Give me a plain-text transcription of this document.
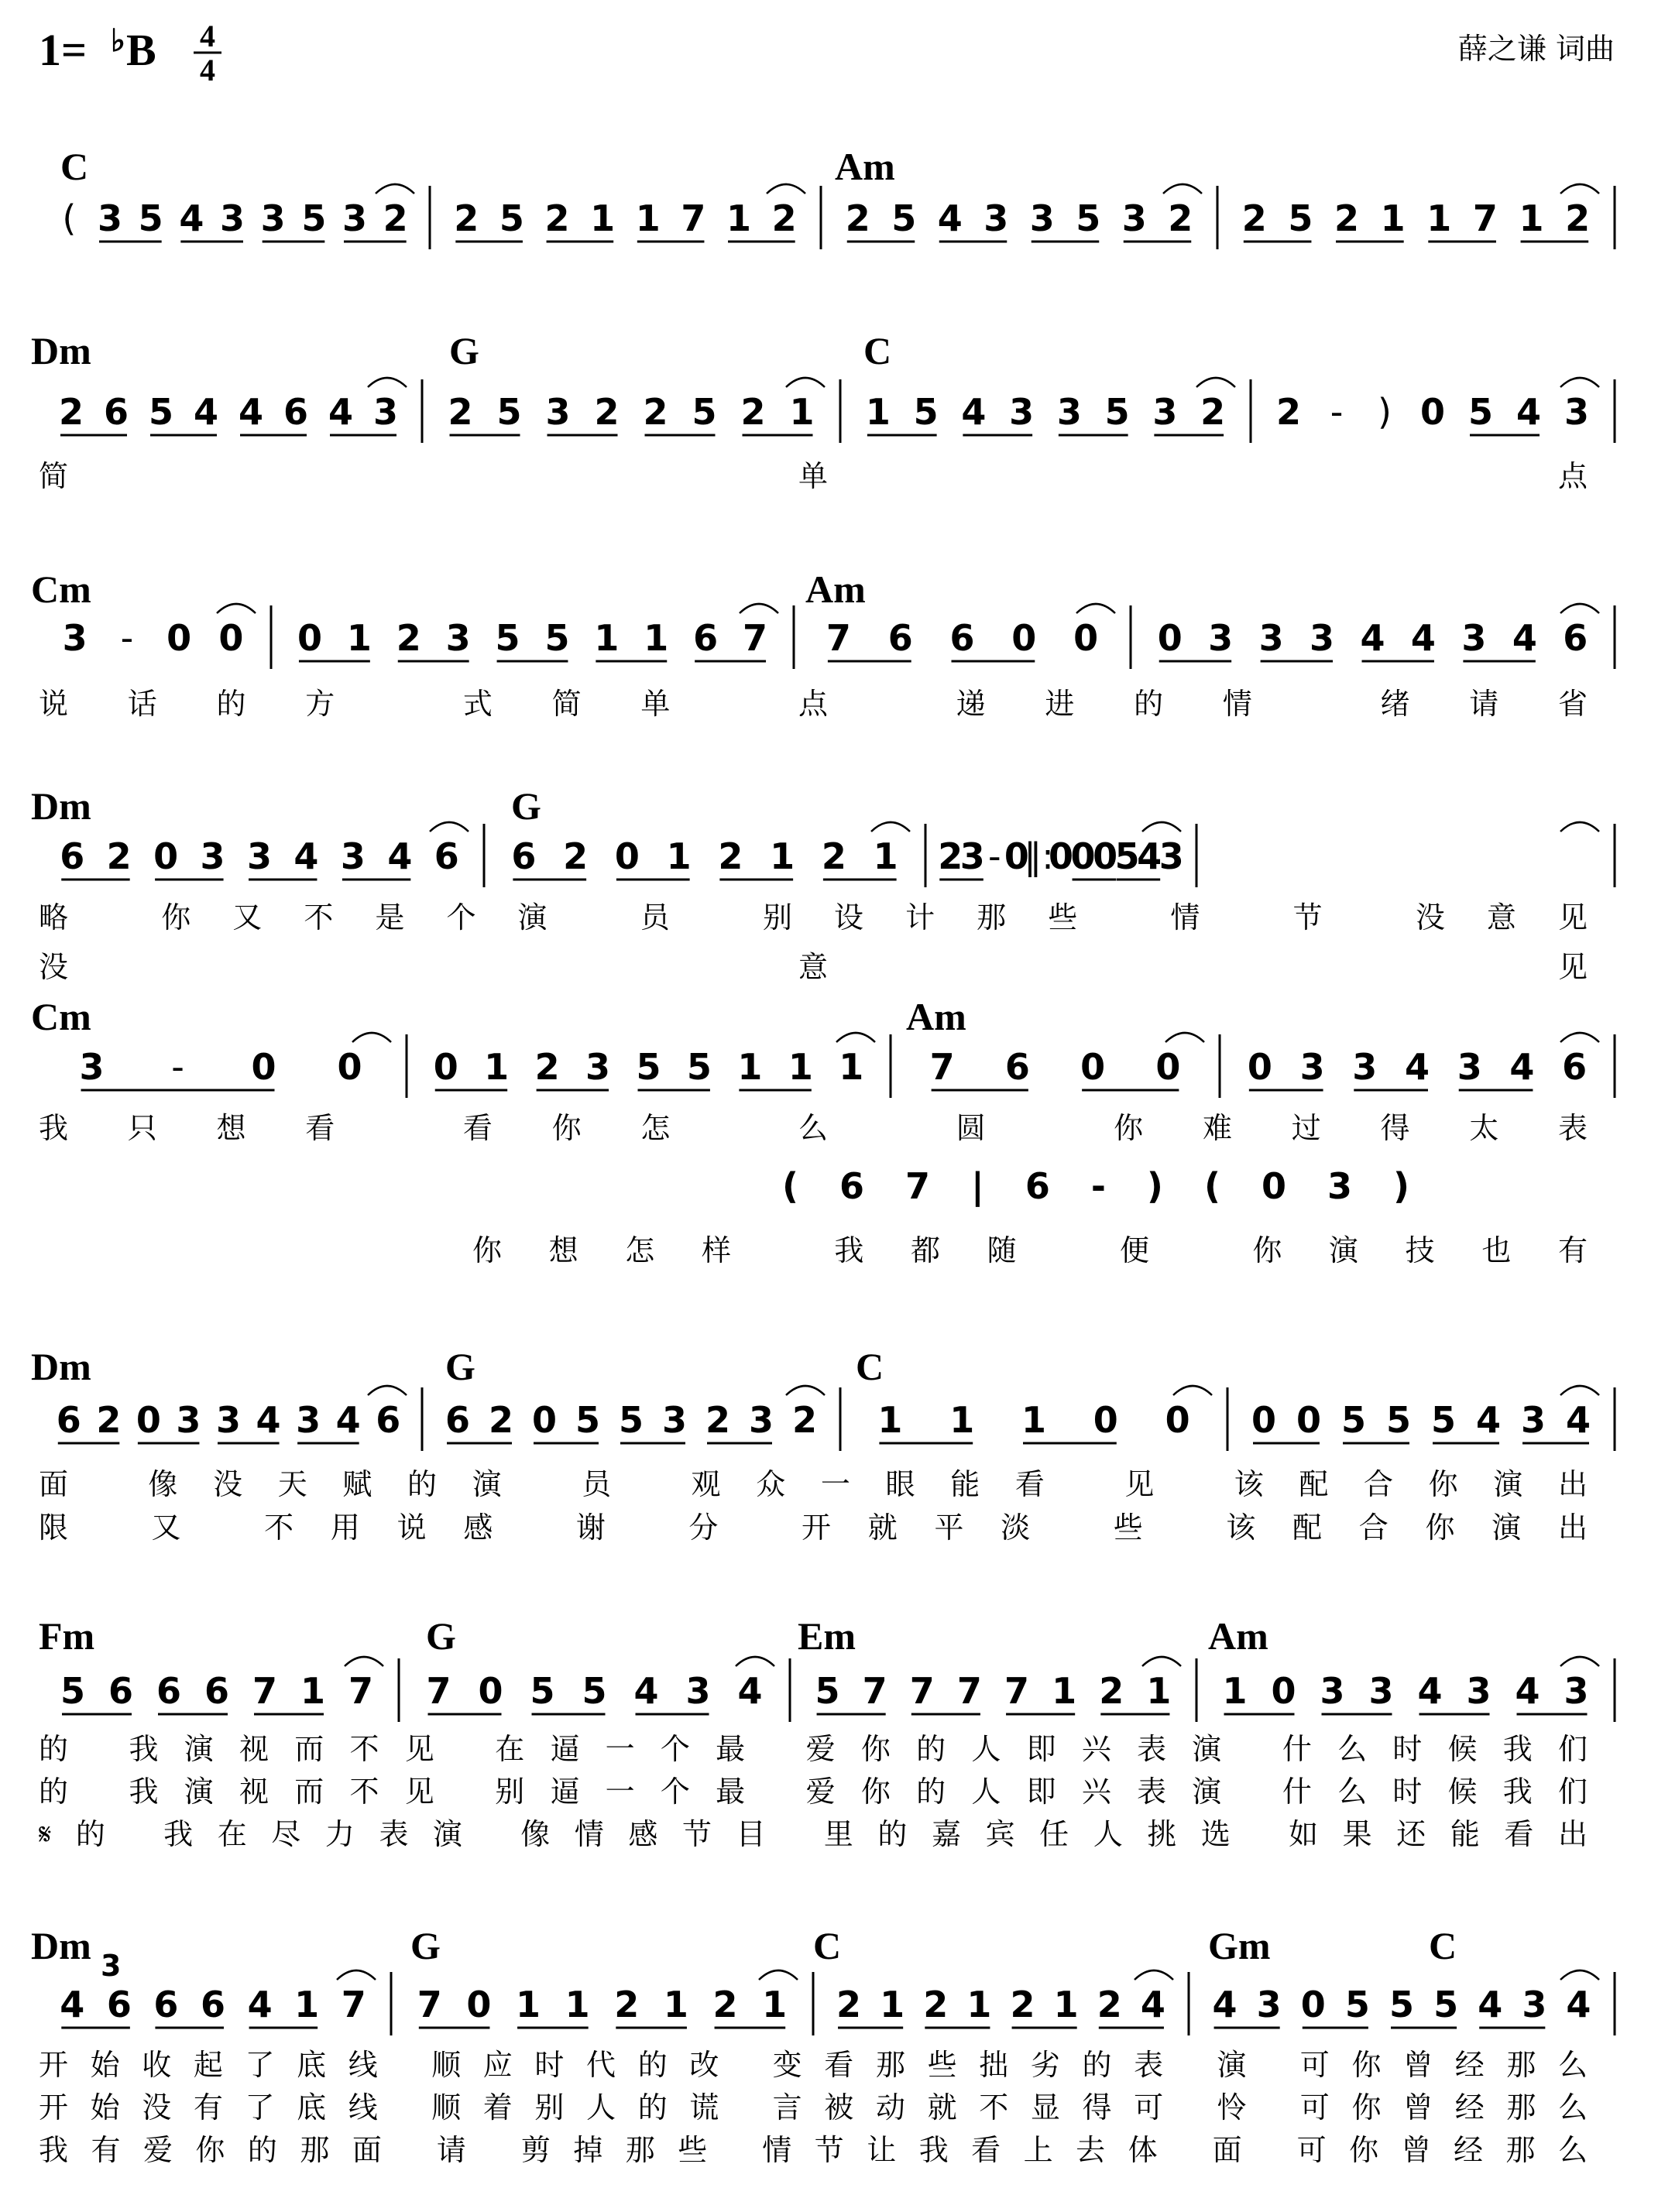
1= ♭ B 4
4
薛之谦 词曲
C	Am
( 3 5 4 3 3 5 3 2 2 5 2 1 1 7 1 2 2 5 4 3 3 5 3 2 2 5 2 1 1 7 1 2
Dm	G	C
2 6 5 4 4 6 4 3 2 5 3 2 2 5 2 1 1 5 4 3 3 5 3 2 2 - ) 0 5 4 3
简单点
Cm	Am
3 - 0 0 0 1 2 3 5 5 1 1 6 7 7 6 6 0 0 0 3 3 3 4 4 3 4 6
说话的方 式简单 点 递进的情 绪请省
Dm	G
6 2 0 3 3 4 3 4 6 6 2 0 1 2 1 2 1 2
3 - 0
‖:
0
0
0
5
4
3
略 你又不是个演 员 别设计那些 情 节 没意见
没意见
Cm	Am
3 - 0 0 0 1 2 3 5 5 1 1 1 7 6 0 0 0 3 3 4 3 4 6
我只想看 看你怎 么 圆 你难过得太表
( 6 7 | 6 - ) ( 0 3 )
你想怎样 我都随 便 你演技也有
Dm	G	C
6 2 0 3 3 4 3 4 6 6 2 0 5 5 3 2 3 2 1 1 1 0 0 0 0 5 5 5 4 3 4
面 像没天赋的演 员 观众一眼能看 见 该配合你演出
限 又 不用说感 谢 分 开就平淡 些 该配合你演出
Fm	G	Em	Am
5 6 6 6 7 1 7 7 0 5 5 4 3 4 5 7 7 7 7 1 2 1 1 0 3 3 4 3 4 3
的 我演视而不见 在逼一个最 爱你的人即兴表演 什么时候我们
的 我演视而不见 别逼一个最 爱你的人即兴表演 什么时候我们
𝄋的 我在尽力表演 像情感节目 里的嘉宾任人挑选 如果还能看出
Dm	G	C	Gm	C
4 6 6 6 4 1 7 7 0 1 1 2 1 2 1 2 1 2 1 2 1 2 4 4 3 0 5 5 5 4 3 4
开始收起了底线 顺应时代的改 变看那些拙劣的表 演 可你曾经那么
开始没有了底线 顺着别人的谎 言被动就不显得可 怜 可你曾经那么
我有爱你的那面 请 剪掉那些 情节让我看上去体 面 可你曾经那么
3
